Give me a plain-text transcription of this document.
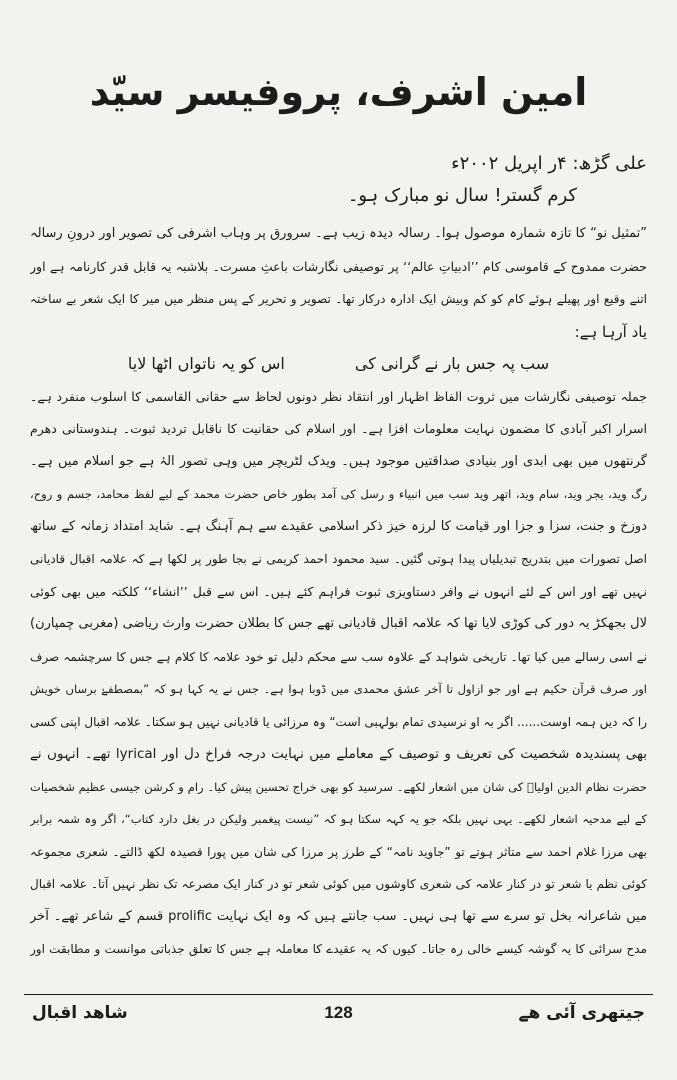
امین اشرف، پروفیسر سیّد
علی گڑھ: ۴ر اپریل ۲۰۰۲ء
کرم گستر! سال نو مبارک ہو۔
”تمثیل نو“ کا تازہ شمارہ موصول ہوا۔ رسالہ دیدہ زیب ہے۔ سرورق پر وہاب اشرفی کی تصویر اور درونِ رسالہ
حضرت ممدوح کے قاموسی کام ’’ادبیاتِ عالم‘‘ پر توصیفی نگارشات باعثِ مسرت۔ بلاشبہ یہ قابل قدر کارنامہ ہے اور
اتنے وقیع اور پھیلے ہوئے کام کو کم وبیش ایک ادارہ درکار تھا۔ تصویر و تحریر کے پس منظر میں میر کا ایک شعر بے ساختہ
یاد آرہا ہے:
سب پہ جس بار نے گرانی کی
اس کو یہ ناتواں اٹھا لایا
جملہ توصیفی نگارشات میں ثروت الفاظ اظہار اور انتقاد نظر دونوں لحاظ سے حقانی القاسمی کا اسلوب منفرد ہے۔
اسرار اکبر آبادی کا مضمون نہایت معلومات افزا ہے۔ اور اسلام کی حقانیت کا ناقابل تردید ثبوت۔ ہندوستانی دھرم
گرنتھوں میں بھی ابدی اور بنیادی صداقتیں موجود ہیں۔ ویدک لٹریچر میں وہی تصور الہٰ ہے جو اسلام میں ہے۔
رگ وید، یجر وید، سام وید، اتھر وید سب میں انبیاء و رسل کی آمد بطور خاص حضرت محمد کے لیے لفظ محامد، جسم و روح،
دوزخ و جنت، سزا و جزا اور قیامت کا لرزہ خیز ذکر اسلامی عقیدے سے ہم آہنگ ہے۔ شاید امتداد زمانہ کے ساتھ
اصل تصورات میں بتدریج تبدیلیاں پیدا ہوتی گئیں۔ سید محمود احمد کریمی نے بجا طور پر لکھا ہے کہ علامہ اقبال قادیانی
نہیں تھے اور اس کے لئے انہوں نے وافر دستاویزی ثبوت فراہم کئے ہیں۔ اس سے قبل ’’انشاء‘‘ کلکتہ میں بھی کوئی
لال بجھکڑ یہ دور کی کوڑی لایا تھا کہ علامہ اقبال قادیانی تھے جس کا بطلان حضرت وارث ریاضی (مغربی چمپارن)
نے اسی رسالے میں کیا تھا۔ تاریخی شواہد کے علاوہ سب سے محکم دلیل تو خود علامہ کا کلام ہے جس کا سرچشمہ صرف
اور صرف قرآن حکیم ہے اور جو ازاول تا آخر عشق محمدی میں ڈوبا ہوا ہے۔ جس نے یہ کہا ہو کہ ”بمصطفےٰ برساں خویش
را کہ دیں ہمہ اوست...... اگر بہ او نرسیدی تمام بولہبی است“ وہ مرزائی یا قادیانی نہیں ہو سکتا۔ علامہ اقبال اپنی کسی
بھی پسندیدہ شخصیت کی تعریف و توصیف کے معاملے میں نہایت درجہ فراخ دل اور lyrical تھے۔ انہوں نے
حضرت نظام الدین اولیاؒ کی شان میں اشعار لکھے۔ سرسید کو بھی خراج تحسین پیش کیا۔ رام و کرشن جیسی عظیم شخصیات
کے لیے مدحیہ اشعار لکھے۔ یہی نہیں بلکہ جو یہ کہہ سکتا ہو کہ ”نیست پیغمبر ولیکن در بغل دارد کتاب“، اگر وہ شمہ برابر
بھی مرزا غلام احمد سے متاثر ہوتے تو ”جاوید نامہ“ کے طرز پر مرزا کی شان میں پورا قصیدہ لکھ ڈالتے۔ شعری مجموعہ
کوئی نظم یا شعر تو در کنار علامہ کی شعری کاوشوں میں کوئی شعر تو در کنار ایک مصرعہ تک نظر نہیں آتا۔ علامہ اقبال
میں شاعرانہ بخل تو سرے سے تھا ہی نہیں۔ سب جانتے ہیں کہ وہ ایک نہایت prolific قسم کے شاعر تھے۔ آخر
مدح سرائی کا یہ گوشہ کیسے خالی رہ جاتا۔ کیوں کہ یہ عقیدے کا معاملہ ہے جس کا تعلق جذباتی موانست و مطابقت اور
شاھد اقبال	128	جیتھری آئی ھے
